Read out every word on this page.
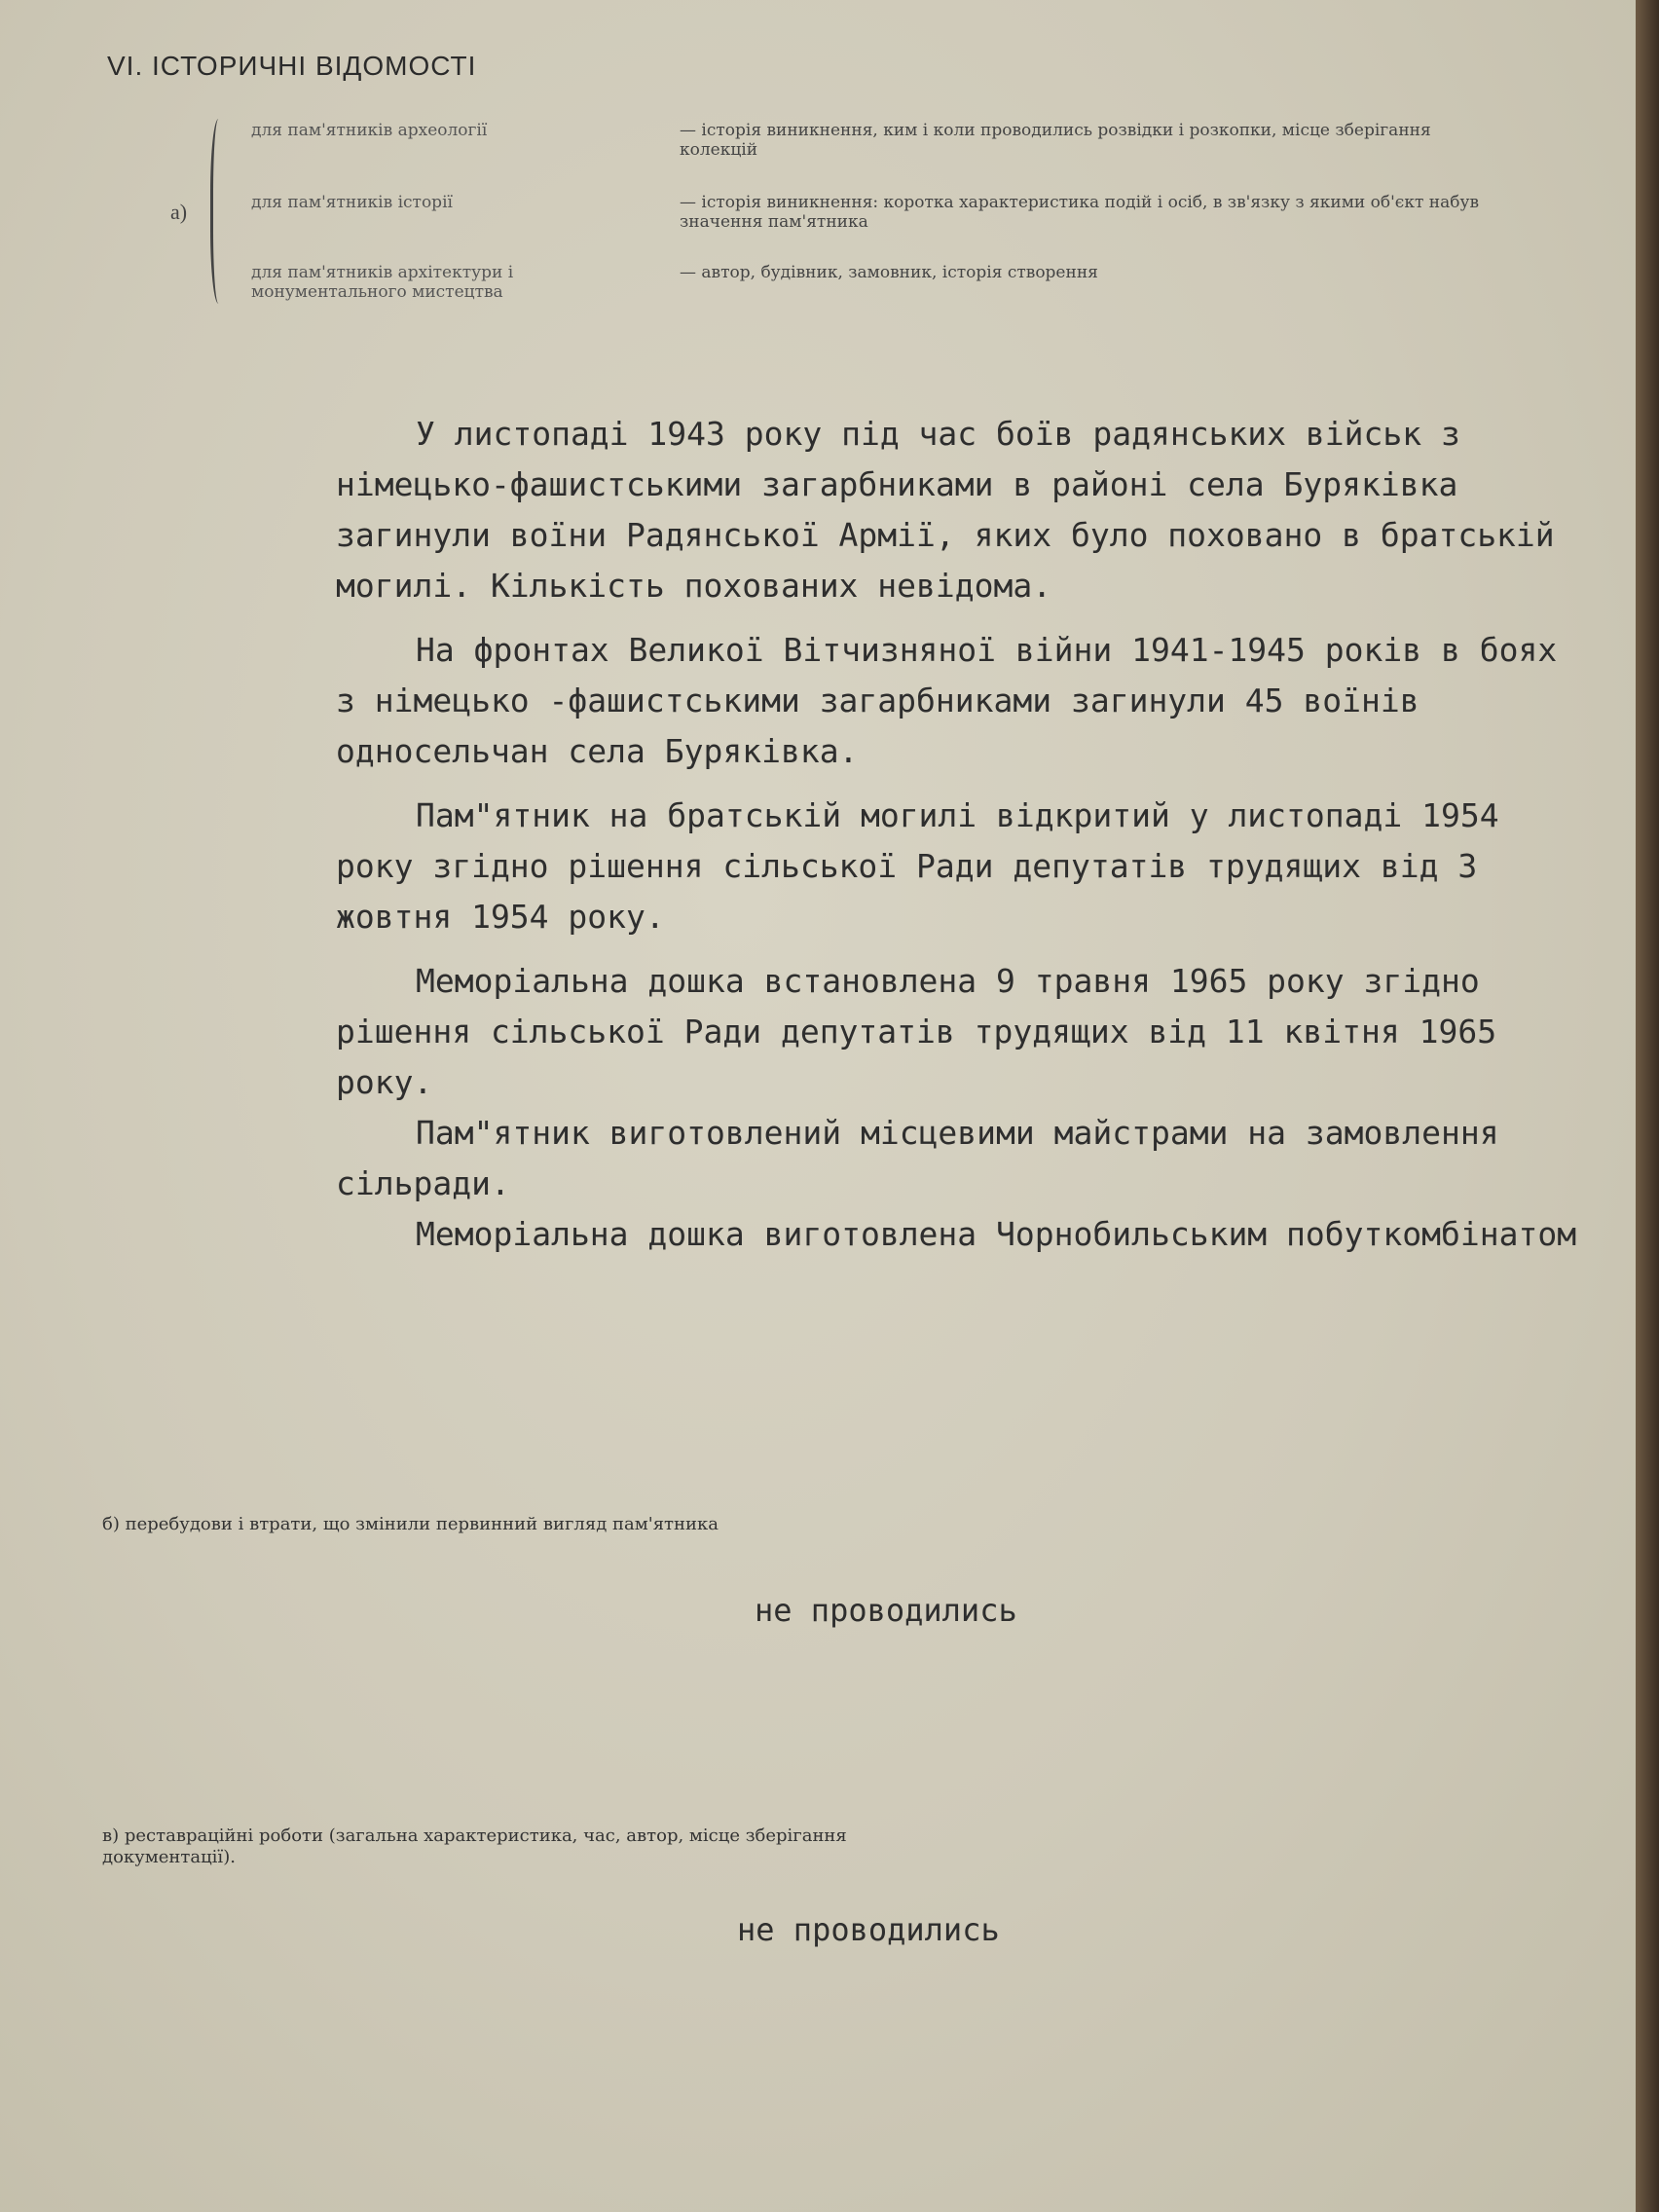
VI. ІСТОРИЧНІ ВІДОМОСТІ
а)
для пам'ятників археології	— історія виникнення, ким і коли проводились розвідки і розкопки, місце зберігання колекцій
для пам'ятників історії	— історія виникнення: коротка характеристика подій і осіб, в зв'язку з якими об'єкт набув значення пам'ятника
для пам'ятників архітектури і монументального мистецтва
— автор, будівник, замовник, історія створення

У листопаді 1943 року під час боїв радянських військ з німецько-фашистськими загарбниками в районі села Буряківка загинули воїни Радянської Армії, яких було поховано в братській могилі. Кількість похованих невідома.

На фронтах Великої Вітчизняної війни 1941-1945 років в боях з німецько -фашистськими загарбниками загинули 45 воїнів односельчан села Буряківка.

Пам"ятник на братській могилі відкритий у листопаді 1954 року згідно рішення сільської Ради депутатів трудящих від 3 жовтня 1954 року.

Меморіальна дошка встановлена 9 травня 1965 року згідно рішення сільської Ради депутатів трудящих від 11 квітня 1965 року.

Пам"ятник виготовлений місцевими майстрами на замовлення сільради.

Меморіальна дошка виготовлена Чорнобильським побуткомбінатом

б) перебудови і втрати, що змінили первинний вигляд пам'ятника
не проводились
в) реставраційні роботи (загальна характеристика, час, автор, місце зберігання документації).
не проводились
